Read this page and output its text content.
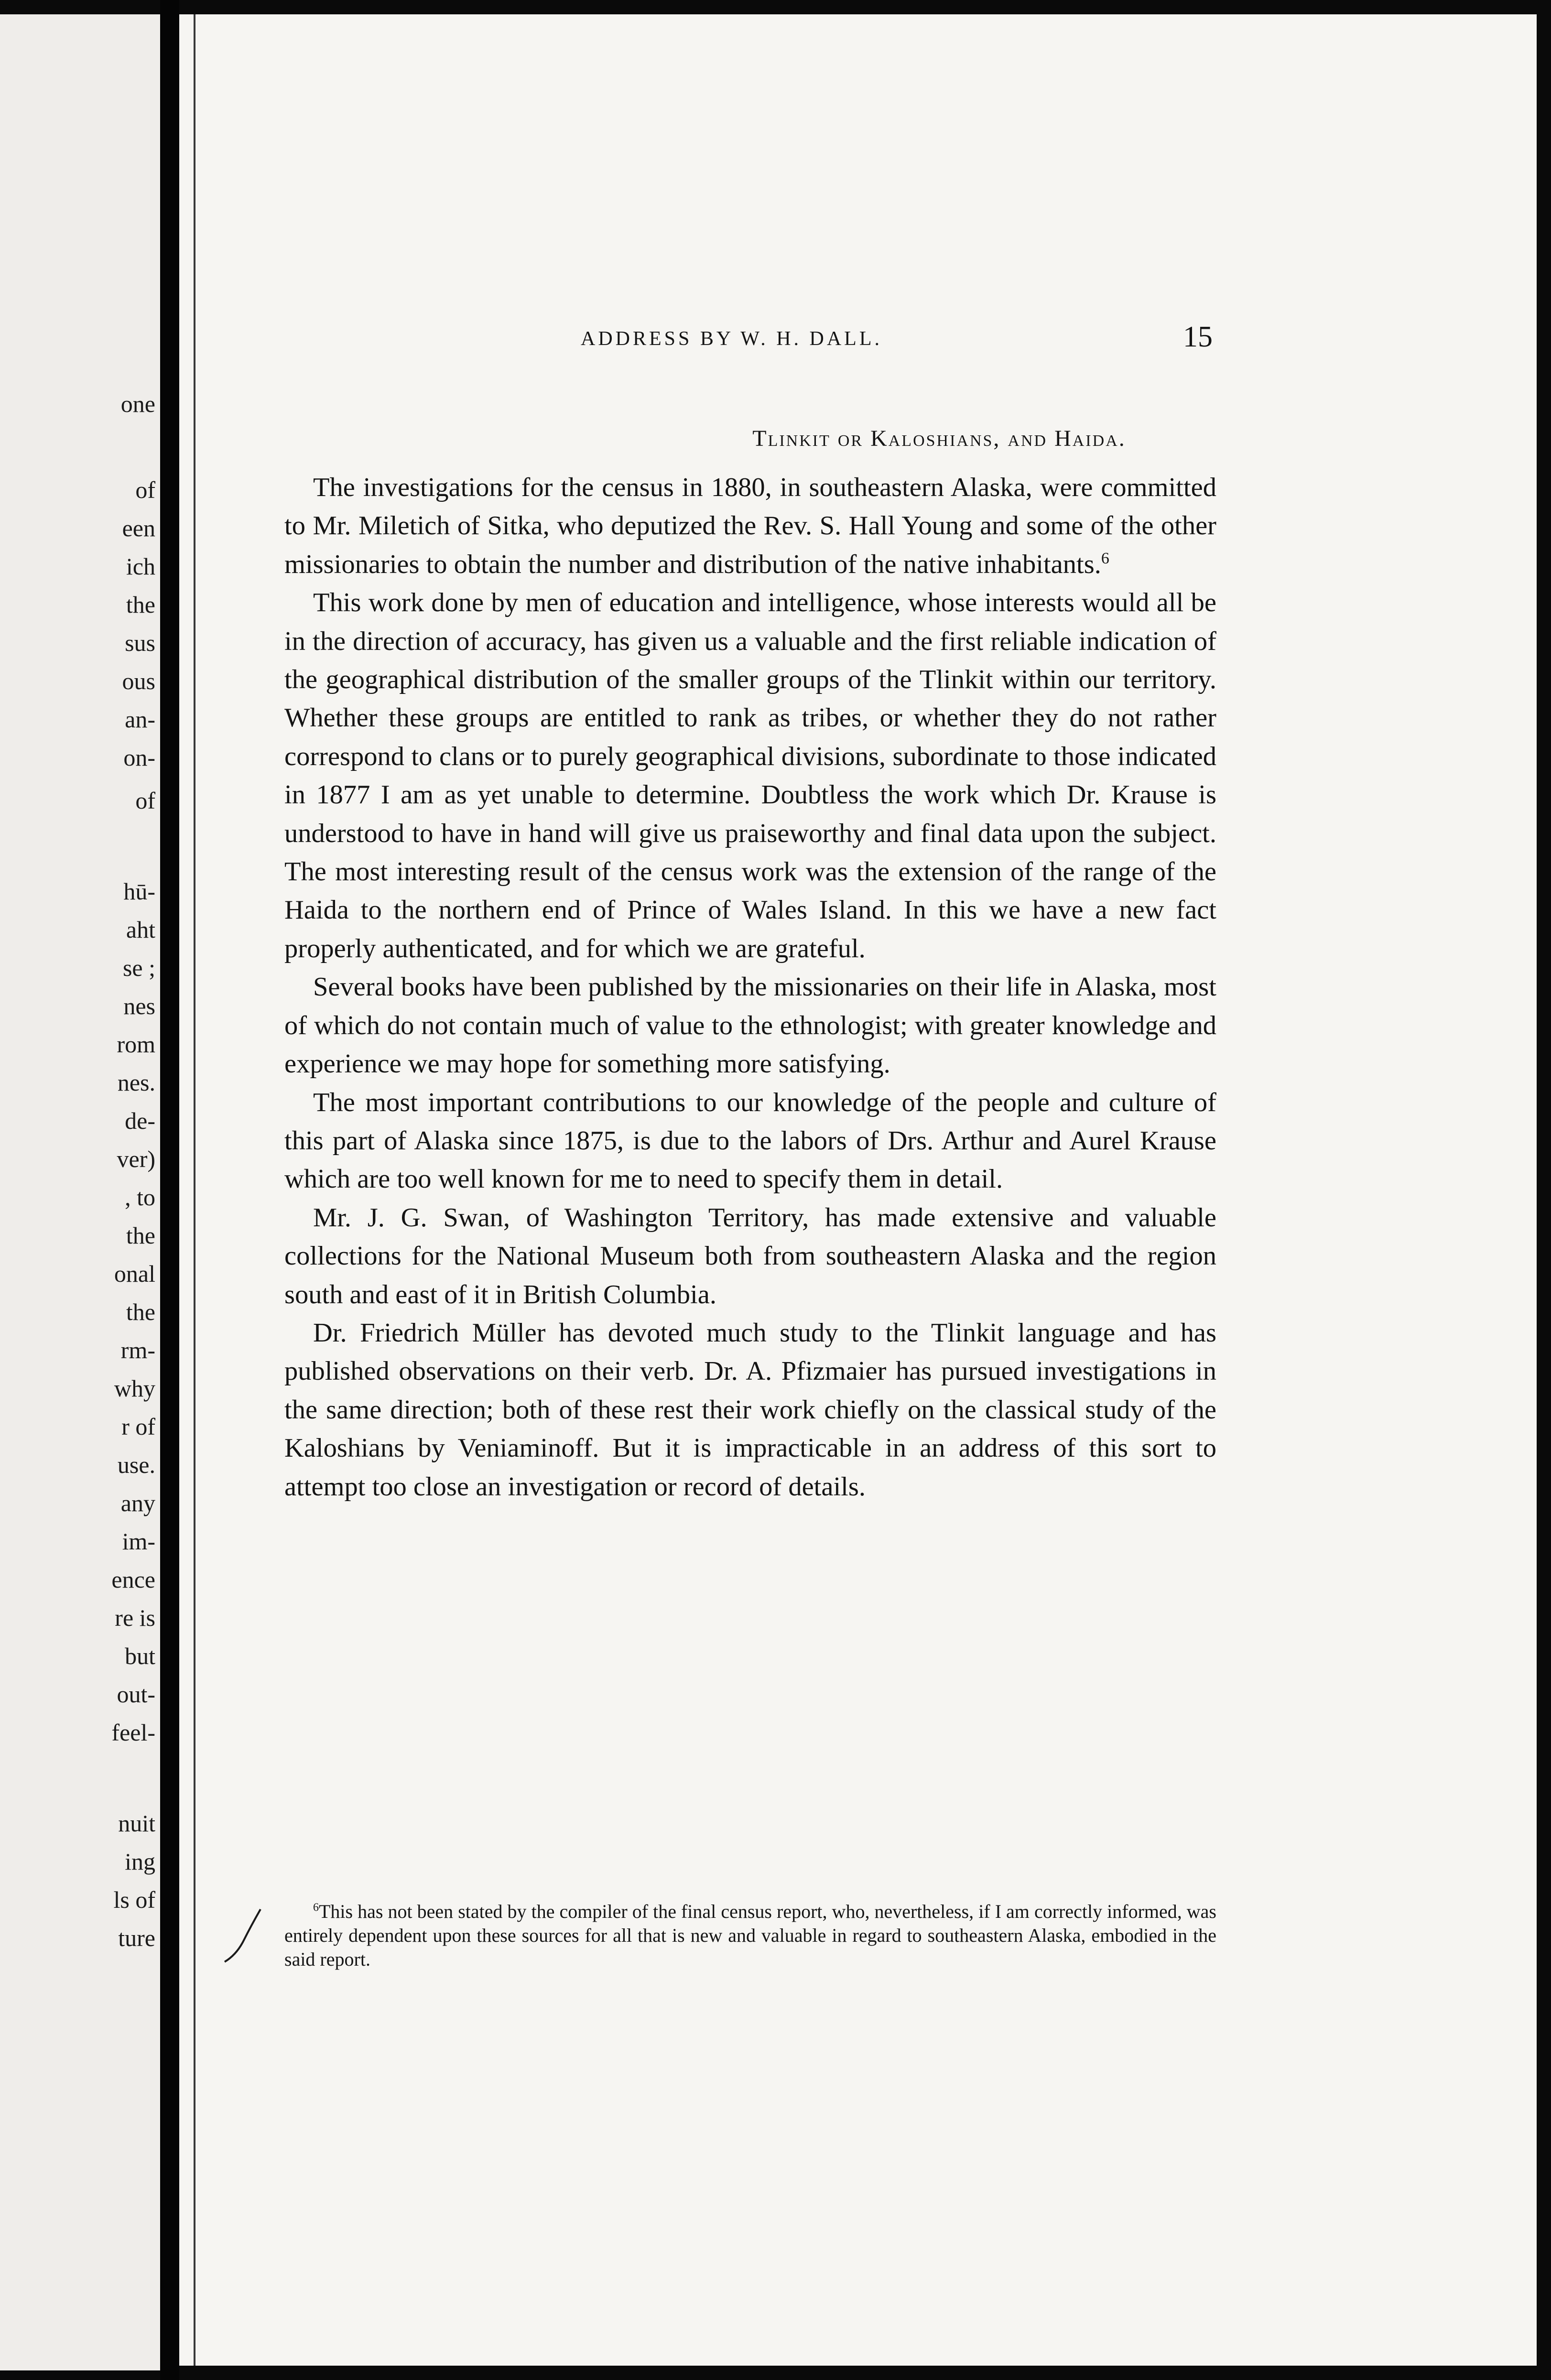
one
of
een
ich
the
sus
ous
an-
on-
of
hū-
aht
se ;
nes
rom
nes.
de-
ver)
, to
the
onal
the
rm-
why
r of
use.
any
im-
ence
re is
but
out-
feel-
nuit
ing
ls of
ture
ADDRESS BY W. H. DALL.	15
Tlinkit or Kaloshians, and Haida.

The investigations for the census in 1880, in southeastern Alaska, were committed to Mr. Miletich of Sitka, who deputized the Rev. S. Hall Young and some of the other missionaries to obtain the number and distribution of the native inhabitants.$^6$

This work done by men of education and intelligence, whose interests would all be in the direction of accuracy, has given us a valuable and the first reliable indication of the geographical distribution of the smaller groups of the Tlinkit within our territory. Whether these groups are entitled to rank as tribes, or whether they do not rather correspond to clans or to purely geographical divisions, subordinate to those indicated in 1877 I am as yet unable to determine. Doubtless the work which Dr. Krause is understood to have in hand will give us praiseworthy and final data upon the subject. The most interesting result of the census work was the extension of the range of the Haida to the northern end of Prince of Wales Island. In this we have a new fact properly authenticated, and for which we are grateful.

Several books have been published by the missionaries on their life in Alaska, most of which do not contain much of value to the ethnologist; with greater knowledge and experience we may hope for something more satisfying.

The most important contributions to our knowledge of the people and culture of this part of Alaska since 1875, is due to the labors of Drs. Arthur and Aurel Krause which are too well known for me to need to specify them in detail.

Mr. J. G. Swan, of Washington Territory, has made extensive and valuable collections for the National Museum both from southeastern Alaska and the region south and east of it in British Columbia.

Dr. Friedrich Müller has devoted much study to the Tlinkit language and has published observations on their verb. Dr. A. Pfizmaier has pursued investigations in the same direction; both of these rest their work chiefly on the classical study of the Kaloshians by Veniaminoff. But it is impracticable in an address of this sort to attempt too close an investigation or record of details.

$^6$This has not been stated by the compiler of the final census report, who, nevertheless, if I am correctly informed, was entirely dependent upon these sources for all that is new and valuable in regard to southeastern Alaska, embodied in the said report.
